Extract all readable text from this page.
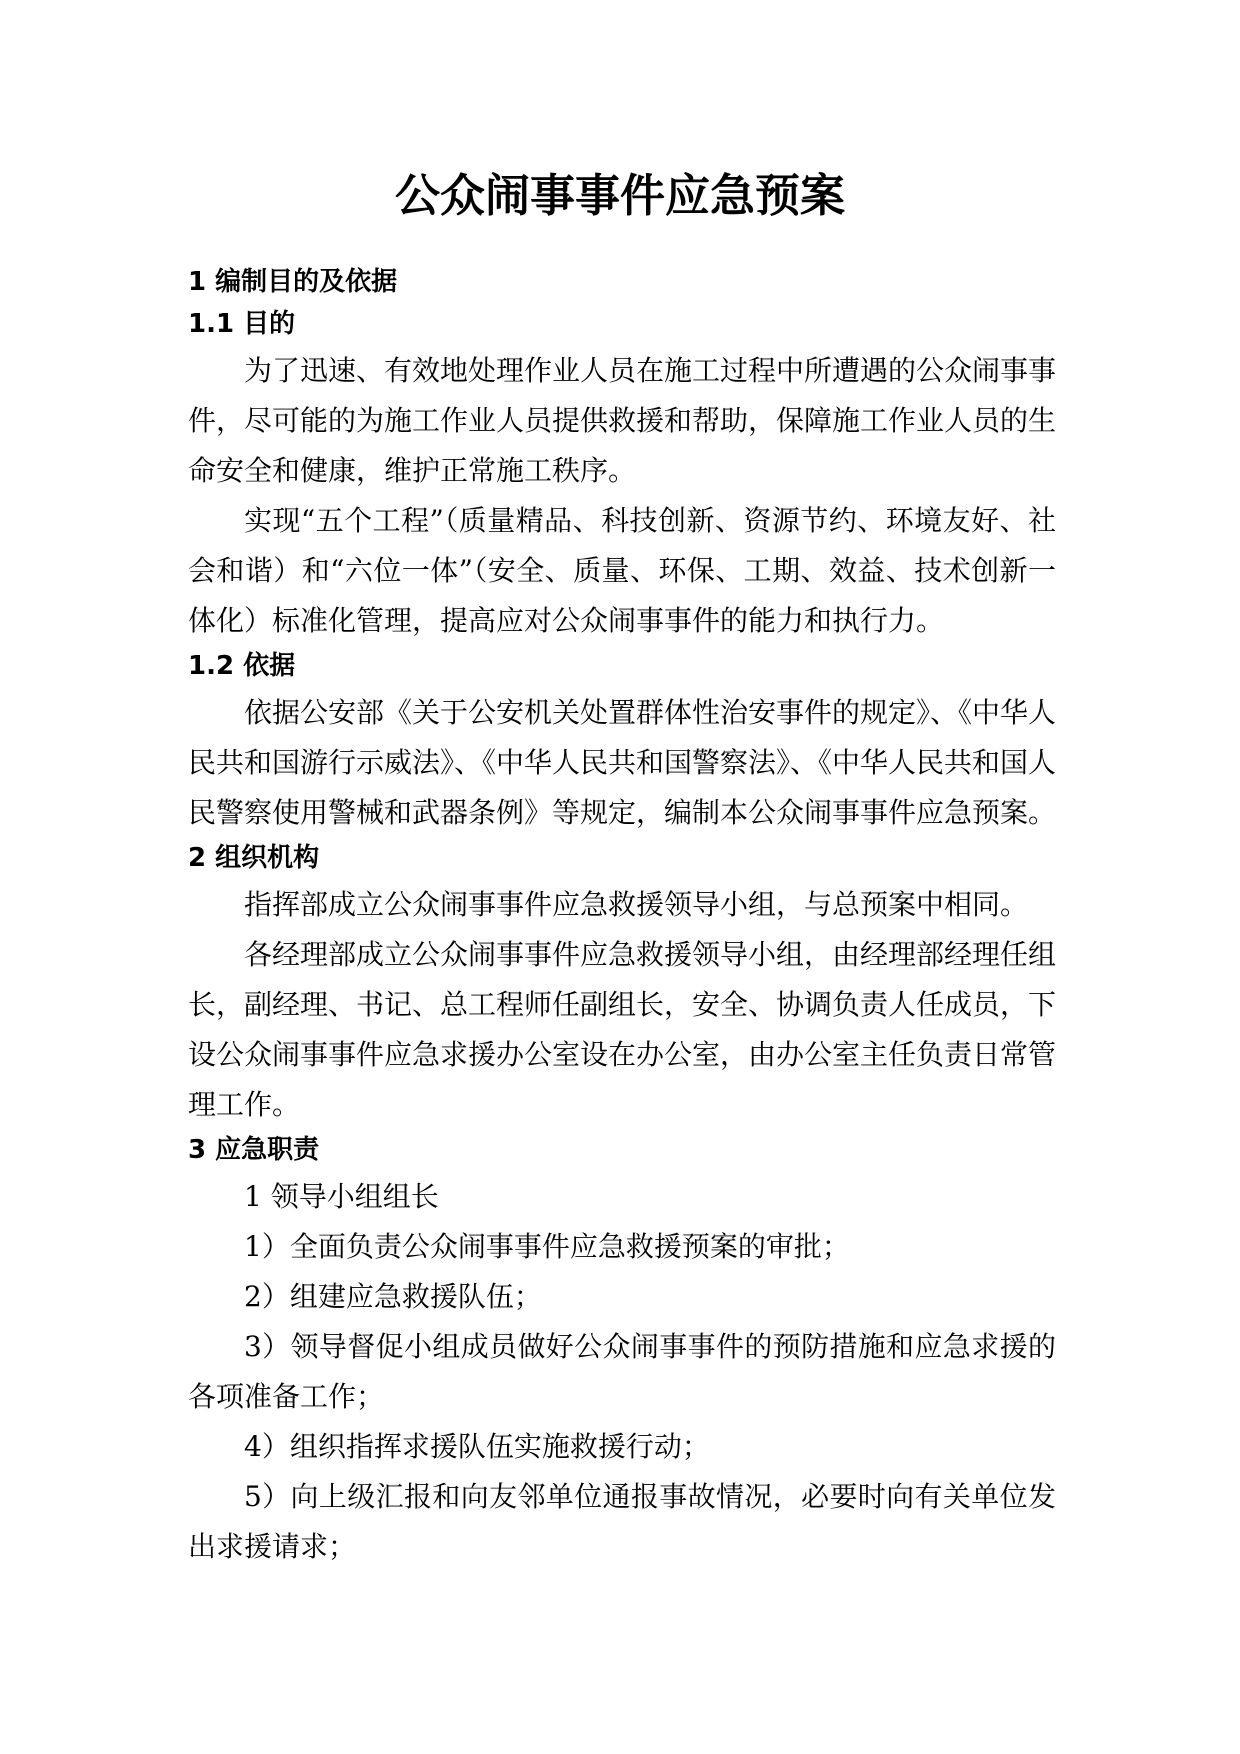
公众闹事事件应急预案
1 编制目的及依据
1.1 目的

为了迅速、有效地处理作业人员在施工过程中所遭遇的公众闹事事件，尽可能的为施工作业人员提供救援和帮助，保障施工作业人员的生命安全和健康，维护正常施工秩序。

实现“五个工程”（质量精品、科技创新、资源节约、环境友好、社会和谐）和“六位一体”（安全、质量、环保、工期、效益、技术创新一体化）标准化管理，提高应对公众闹事事件的能力和执行力。

1.2 依据

依据公安部《关于公安机关处置群体性治安事件的规定》、《中华人民共和国游行示威法》、《中华人民共和国警察法》、《中华人民共和国人民警察使用警械和武器条例》等规定，编制本公众闹事事件应急预案。

2 组织机构

指挥部成立公众闹事事件应急救援领导小组，与总预案中相同。

各经理部成立公众闹事事件应急救援领导小组，由经理部经理任组长，副经理、书记、总工程师任副组长，安全、协调负责人任成员，下设公众闹事事件应急求援办公室设在办公室，由办公室主任负责日常管理工作。

3 应急职责

1 领导小组组长

1）全面负责公众闹事事件应急救援预案的审批；

2）组建应急救援队伍；

3）领导督促小组成员做好公众闹事事件的预防措施和应急求援的各项准备工作；

4）组织指挥求援队伍实施救援行动；

5）向上级汇报和向友邻单位通报事故情况，必要时向有关单位发出求援请求；
